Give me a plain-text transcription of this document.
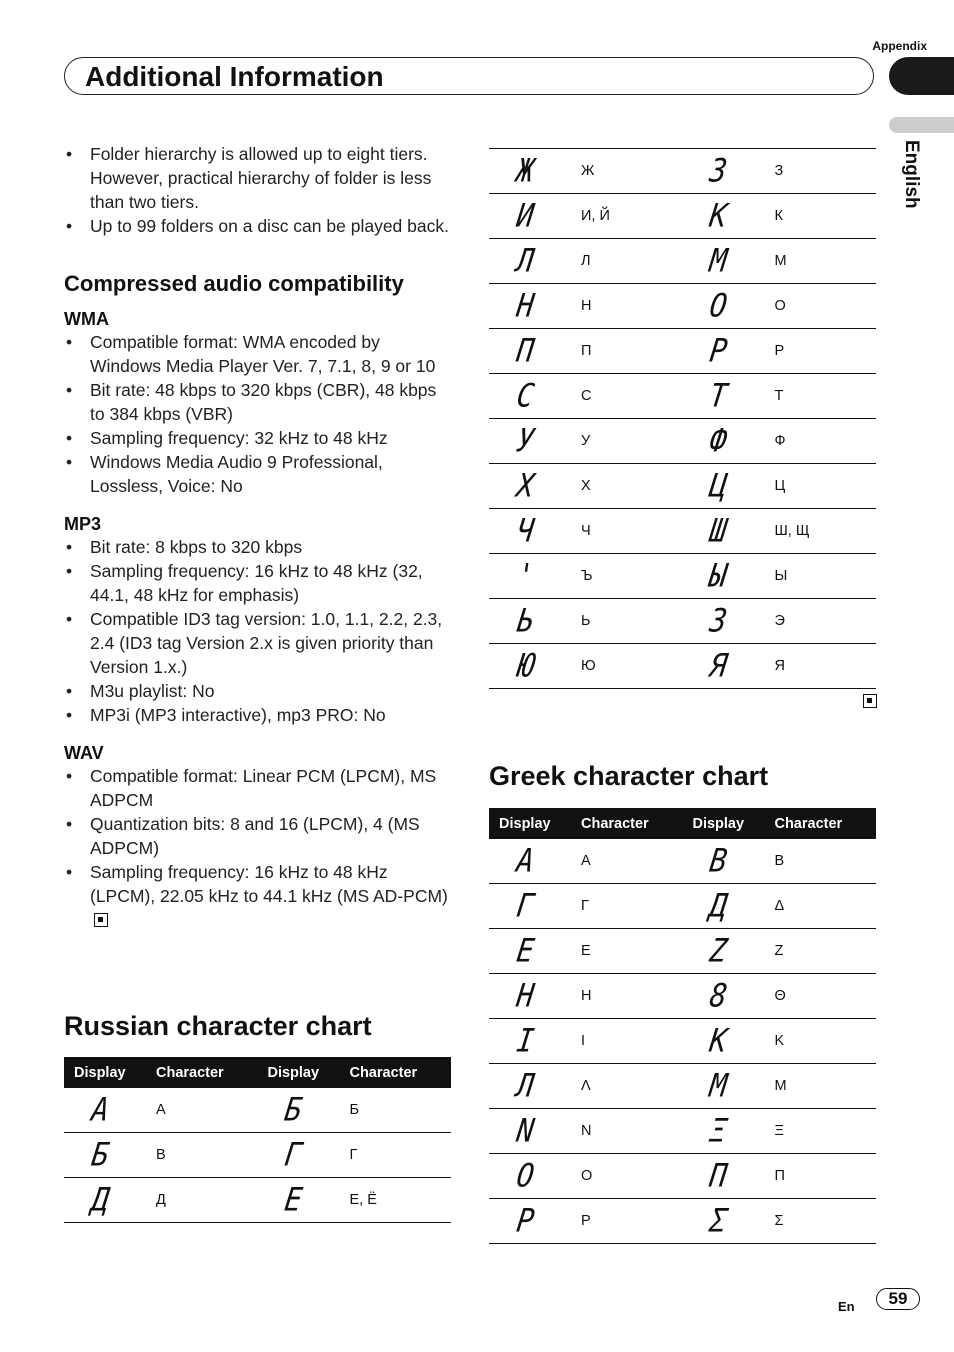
Appendix
Additional Information
English
• Folder hierarchy is allowed up to eight tiers. However, practical hierarchy of folder is less than two tiers.
• Up to 99 folders on a disc can be played back.
Compressed audio compatibility
WMA
• Compatible format: WMA encoded by Windows Media Player Ver. 7, 7.1, 8, 9 or 10
• Bit rate: 48 kbps to 320 kbps (CBR), 48 kbps to 384 kbps (VBR)
• Sampling frequency: 32 kHz to 48 kHz
• Windows Media Audio 9 Professional, Lossless, Voice: No
MP3
• Bit rate: 8 kbps to 320 kbps
• Sampling frequency: 16 kHz to 48 kHz (32, 44.1, 48 kHz for emphasis)
• Compatible ID3 tag version: 1.0, 1.1, 2.2, 2.3, 2.4 (ID3 tag Version 2.x is given priority than Version 1.x.)
• M3u playlist: No
• MP3i (MP3 interactive), mp3 PRO: No
WAV
• Compatible format: Linear PCM (LPCM), MS ADPCM
• Quantization bits: 8 and 16 (LPCM), 4 (MS ADPCM)
• Sampling frequency: 16 kHz to 48 kHz (LPCM), 22.05 kHz to 44.1 kHz (MS AD-PCM)
Russian character chart
Display	Character	Display	Character
A	А	Б	Б
Б	В	Г	Г
Д	Д	E	Е, Ё
Ж	Ж	3	З
И	И, Й	К	К
Л	Л	М	М
Н	Н	О	О
П	П	Р	Р
С	С	Т	Т
У	У	Ф	Ф
Х	Х	Ц	Ц
Ч	Ч	Ш	Ш, Щ
'	Ъ	Ы	Ы
Ь	Ь	3	Э
Ю	Ю	Я	Я
Greek character chart
Display	Character	Display	Character
A	A	B	B
Г	Γ	Д	Δ
E	E	Z	Z
H	H	8	Θ
I	I	K	K
Л	Λ	M	M
N	N	Ξ	Ξ
O	O	П	Π
P	P	Σ	Σ
En	59
